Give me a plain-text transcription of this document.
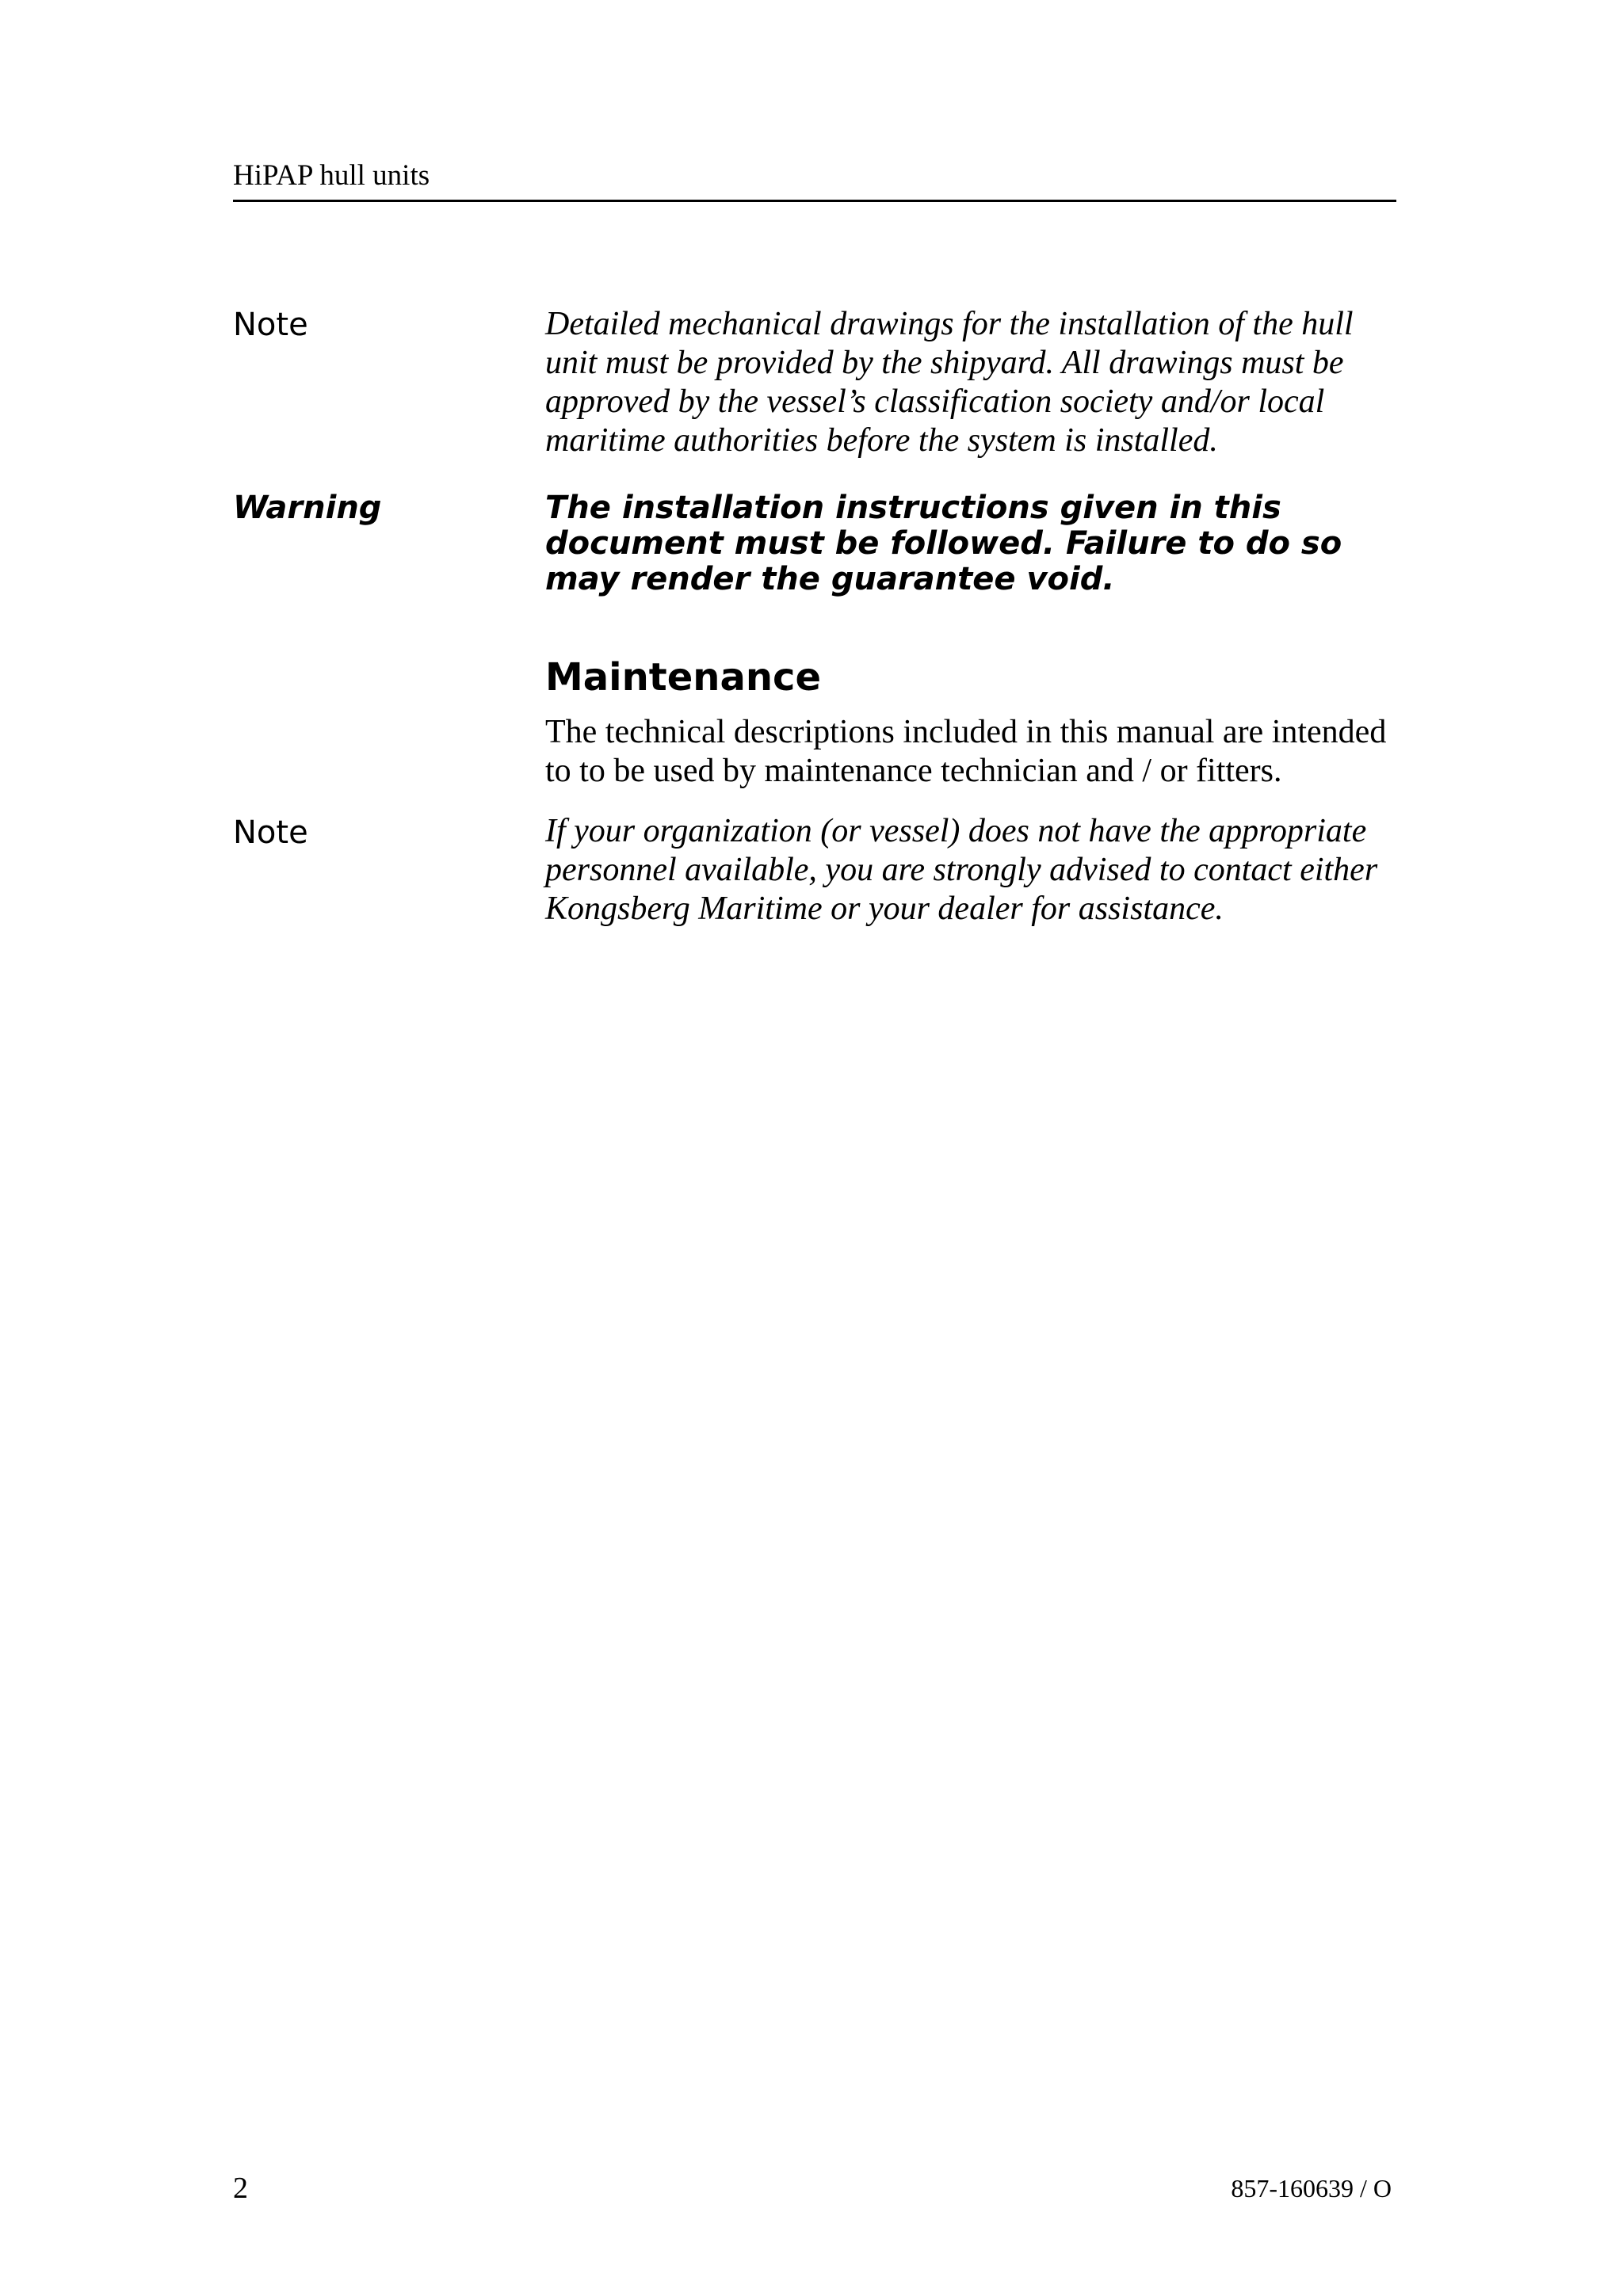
HiPAP hull units
Note	Detailed mechanical drawings for the installation of the hull unit must be provided by the shipyard. All drawings must be approved by the vessel’s classification society and/or local maritime authorities before the system is installed.
Warning	The installation instructions given in this document must be followed. Failure to do so may render the guarantee void.
Maintenance
The technical descriptions included in this manual are intended to to be used by maintenance technician and / or fitters.
Note	If your organization (or vessel) does not have the appropriate personnel available, you are strongly advised to contact either Kongsberg Maritime or your dealer for assistance.
2	857-160639 / O
